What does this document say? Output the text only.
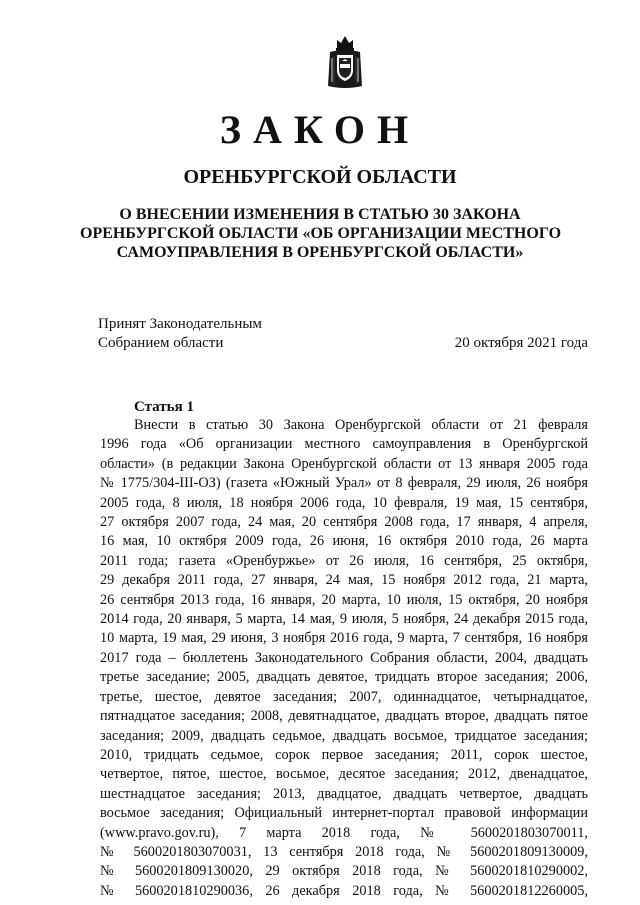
ЗАКОН
ОРЕНБУРГСКОЙ ОБЛАСТИ
О ВНЕСЕНИИ ИЗМЕНЕНИЯ В СТАТЬЮ 30 ЗАКОНА
ОРЕНБУРГСКОЙ ОБЛАСТИ «ОБ ОРГАНИЗАЦИИ МЕСТНОГО
САМОУПРАВЛЕНИЯ В ОРЕНБУРГСКОЙ ОБЛАСТИ»
Принят Законодательным
Собранием области	20 октября 2021 года
Статья 1
Внести в статью 30 Закона Оренбургской области от 21 февраля
1996 года «Об организации местного самоуправления в Оренбургской
области» (в редакции Закона Оренбургской области от 13 января 2005 года
№ 1775/304-III-ОЗ) (газета «Южный Урал» от 8 февраля, 29 июля, 26 ноября
2005 года, 8 июля, 18 ноября 2006 года, 10 февраля, 19 мая, 15 сентября,
27 октября 2007 года, 24 мая, 20 сентября 2008 года, 17 января, 4 апреля,
16 мая, 10 октября 2009 года, 26 июня, 16 октября 2010 года, 26 марта
2011 года; газета «Оренбуржье» от 26 июля, 16 сентября, 25 октября,
29 декабря 2011 года, 27 января, 24 мая, 15 ноября 2012 года, 21 марта,
26 сентября 2013 года, 16 января, 20 марта, 10 июля, 15 октября, 20 ноября
2014 года, 20 января, 5 марта, 14 мая, 9 июля, 5 ноября, 24 декабря 2015 года,
10 марта, 19 мая, 29 июня, 3 ноября 2016 года, 9 марта, 7 сентября, 16 ноября
2017 года – бюллетень Законодательного Собрания области, 2004, двадцать
третье заседание; 2005, двадцать девятое, тридцать второе заседания; 2006,
третье, шестое, девятое заседания; 2007, одиннадцатое, четырнадцатое,
пятнадцатое заседания; 2008, девятнадцатое, двадцать второе, двадцать пятое
заседания; 2009, двадцать седьмое, двадцать восьмое, тридцатое заседания;
2010, тридцать седьмое, сорок первое заседания; 2011, сорок шестое,
четвертое, пятое, шестое, восьмое, десятое заседания; 2012, двенадцатое,
шестнадцатое заседания; 2013, двадцатое, двадцать четвертое, двадцать
восьмое заседания; Официальный интернет-портал правовой информации
(www.pravo.gov.ru), 7 марта 2018 года, № 5600201803070011,
№ 5600201803070031, 13 сентября 2018 года, № 5600201809130009,
№ 5600201809130020, 29 октября 2018 года, № 5600201810290002,
№ 5600201810290036, 26 декабря 2018 года, № 5600201812260005,
